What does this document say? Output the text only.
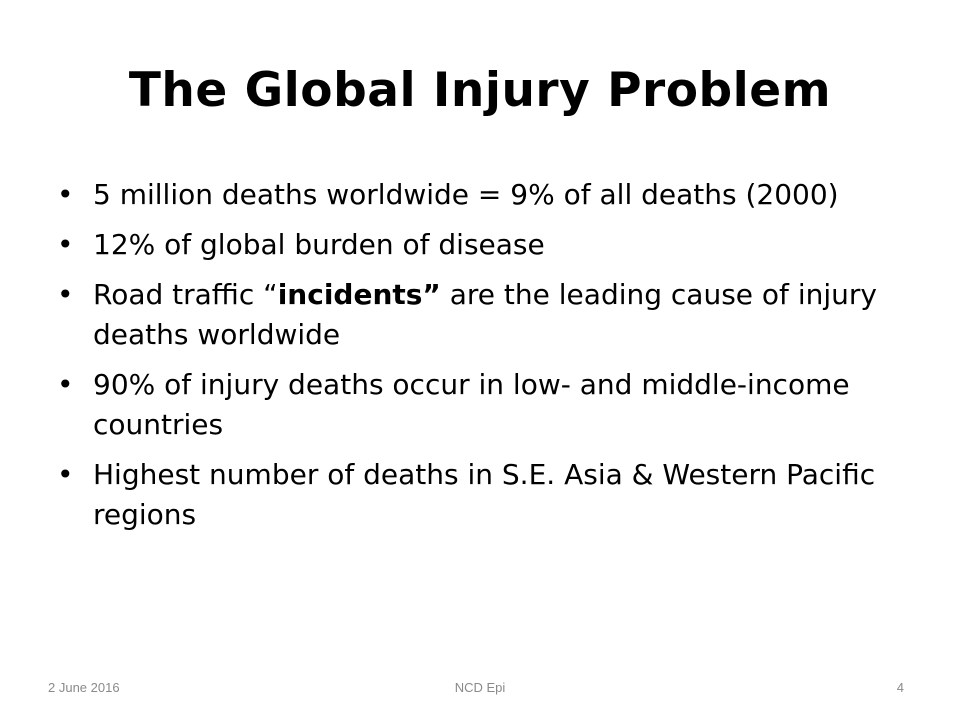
The Global Injury Problem
• 5 million deaths worldwide = 9% of all deaths (2000)
• 12% of global burden of disease
• Road traffic “incidents” are the leading cause of injury deaths worldwide
• 90% of injury deaths occur in low- and middle-income countries
• Highest number of deaths in S.E. Asia & Western Pacific regions
2 June 2016	NCD Epi	4
